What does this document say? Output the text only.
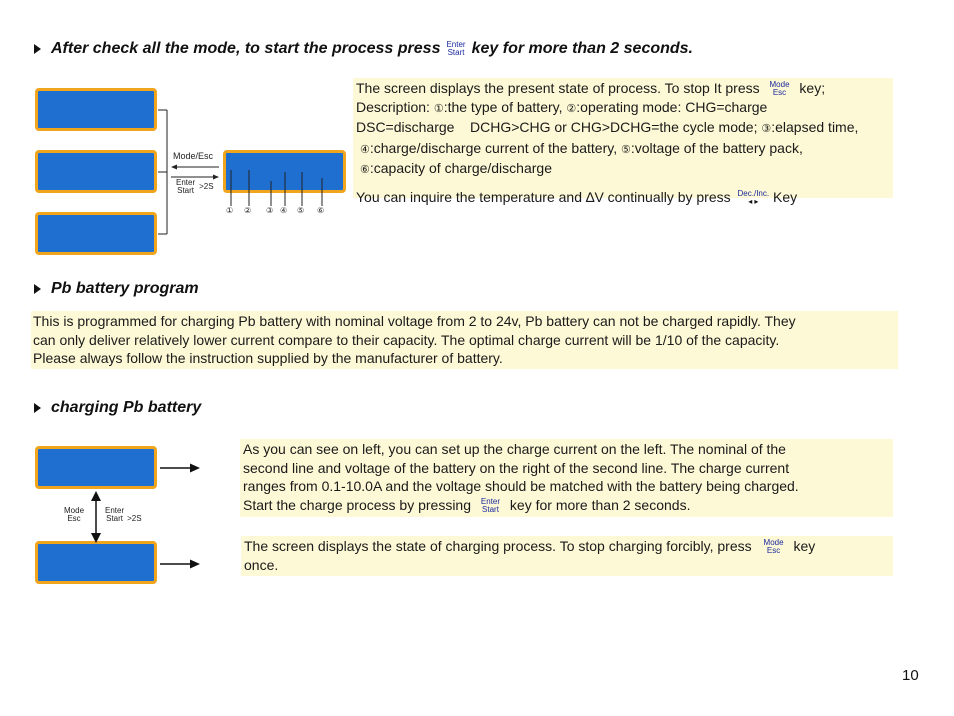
After check all the mode, to start the process press Enter
Start key for more than 2 seconds.
Mode/Esc
Enter
Start >2S
① ② ③ ④ ⑤ ⑥
The screen displays the present state of process. To stop It press Mode
Esc key;
Description: ①:the type of battery, ②:operating mode: CHG=charge
DSC=discharge    DCHG>CHG or CHG>DCHG=the cycle mode; ③:elapsed time,
④:charge/discharge current of the battery, ⑤:voltage of the battery pack,
⑥:capacity of charge/discharge
You can inquire the temperature and ∆V continually by press Dec./Inc.
◂ ▸ Key
Pb battery program
This is programmed for charging Pb battery with nominal voltage from 2 to 24v, Pb battery can not be charged rapidly. They
can only deliver relatively lower current compare to their capacity. The optimal charge current will be 1/10 of the capacity.
Please always follow the instruction supplied by the manufacturer of battery.
charging Pb battery
Mode
Esc
Enter
Start >2S
As you can see on left, you can set up the charge current on the left. The nominal of the
second line and voltage of the battery on the right of the second line. The charge current
ranges from 0.1-10.0A and the voltage should be matched with the battery being charged.
Start the charge process by pressing Enter
Start key for more than 2 seconds.
The screen displays the state of charging process. To stop charging forcibly, press Mode
Esc key
once.
10
